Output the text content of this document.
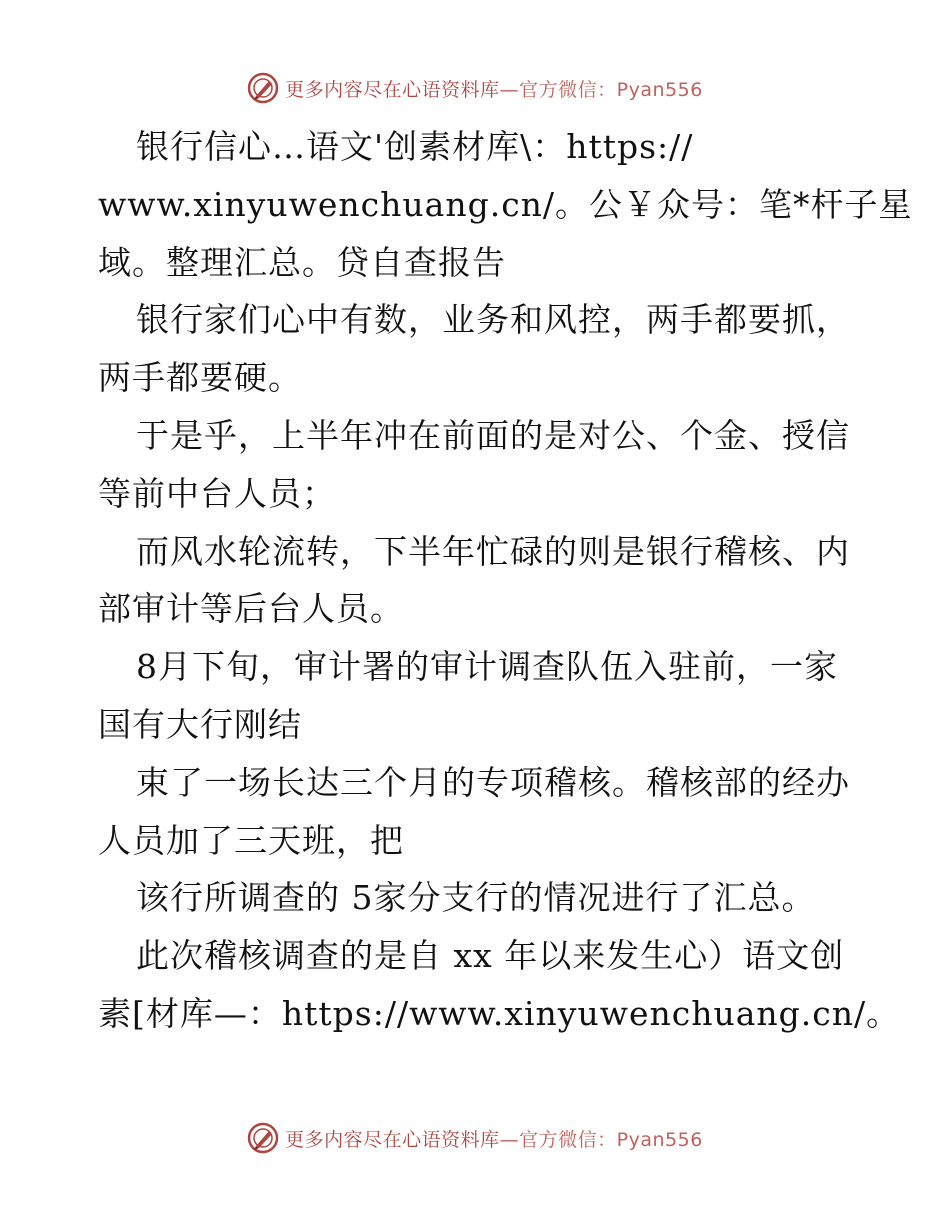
更多内容尽在心语资料库—官方微信：Pyan556
银行信心…语文'创素材库\：https://
www.xinyuwenchuang.cn/。公￥众号：笔*杆子星
域。整理汇总。贷自查报告
银行家们心中有数，业务和风控，两手都要抓，
两手都要硬。
于是乎，上半年冲在前面的是对公、个金、授信
等前中台人员；
而风水轮流转，下半年忙碌的则是银行稽核、内
部审计等后台人员。
8月下旬，审计署的审计调查队伍入驻前，一家
国有大行刚结
束了一场长达三个月的专项稽核。稽核部的经办
人员加了三天班，把
该行所调查的 5家分支行的情况进行了汇总。
此次稽核调查的是自 xx 年以来发生心）语文创
素[材库—：https://www.xinyuwenchuang.cn/。
更多内容尽在心语资料库—官方微信：Pyan556
